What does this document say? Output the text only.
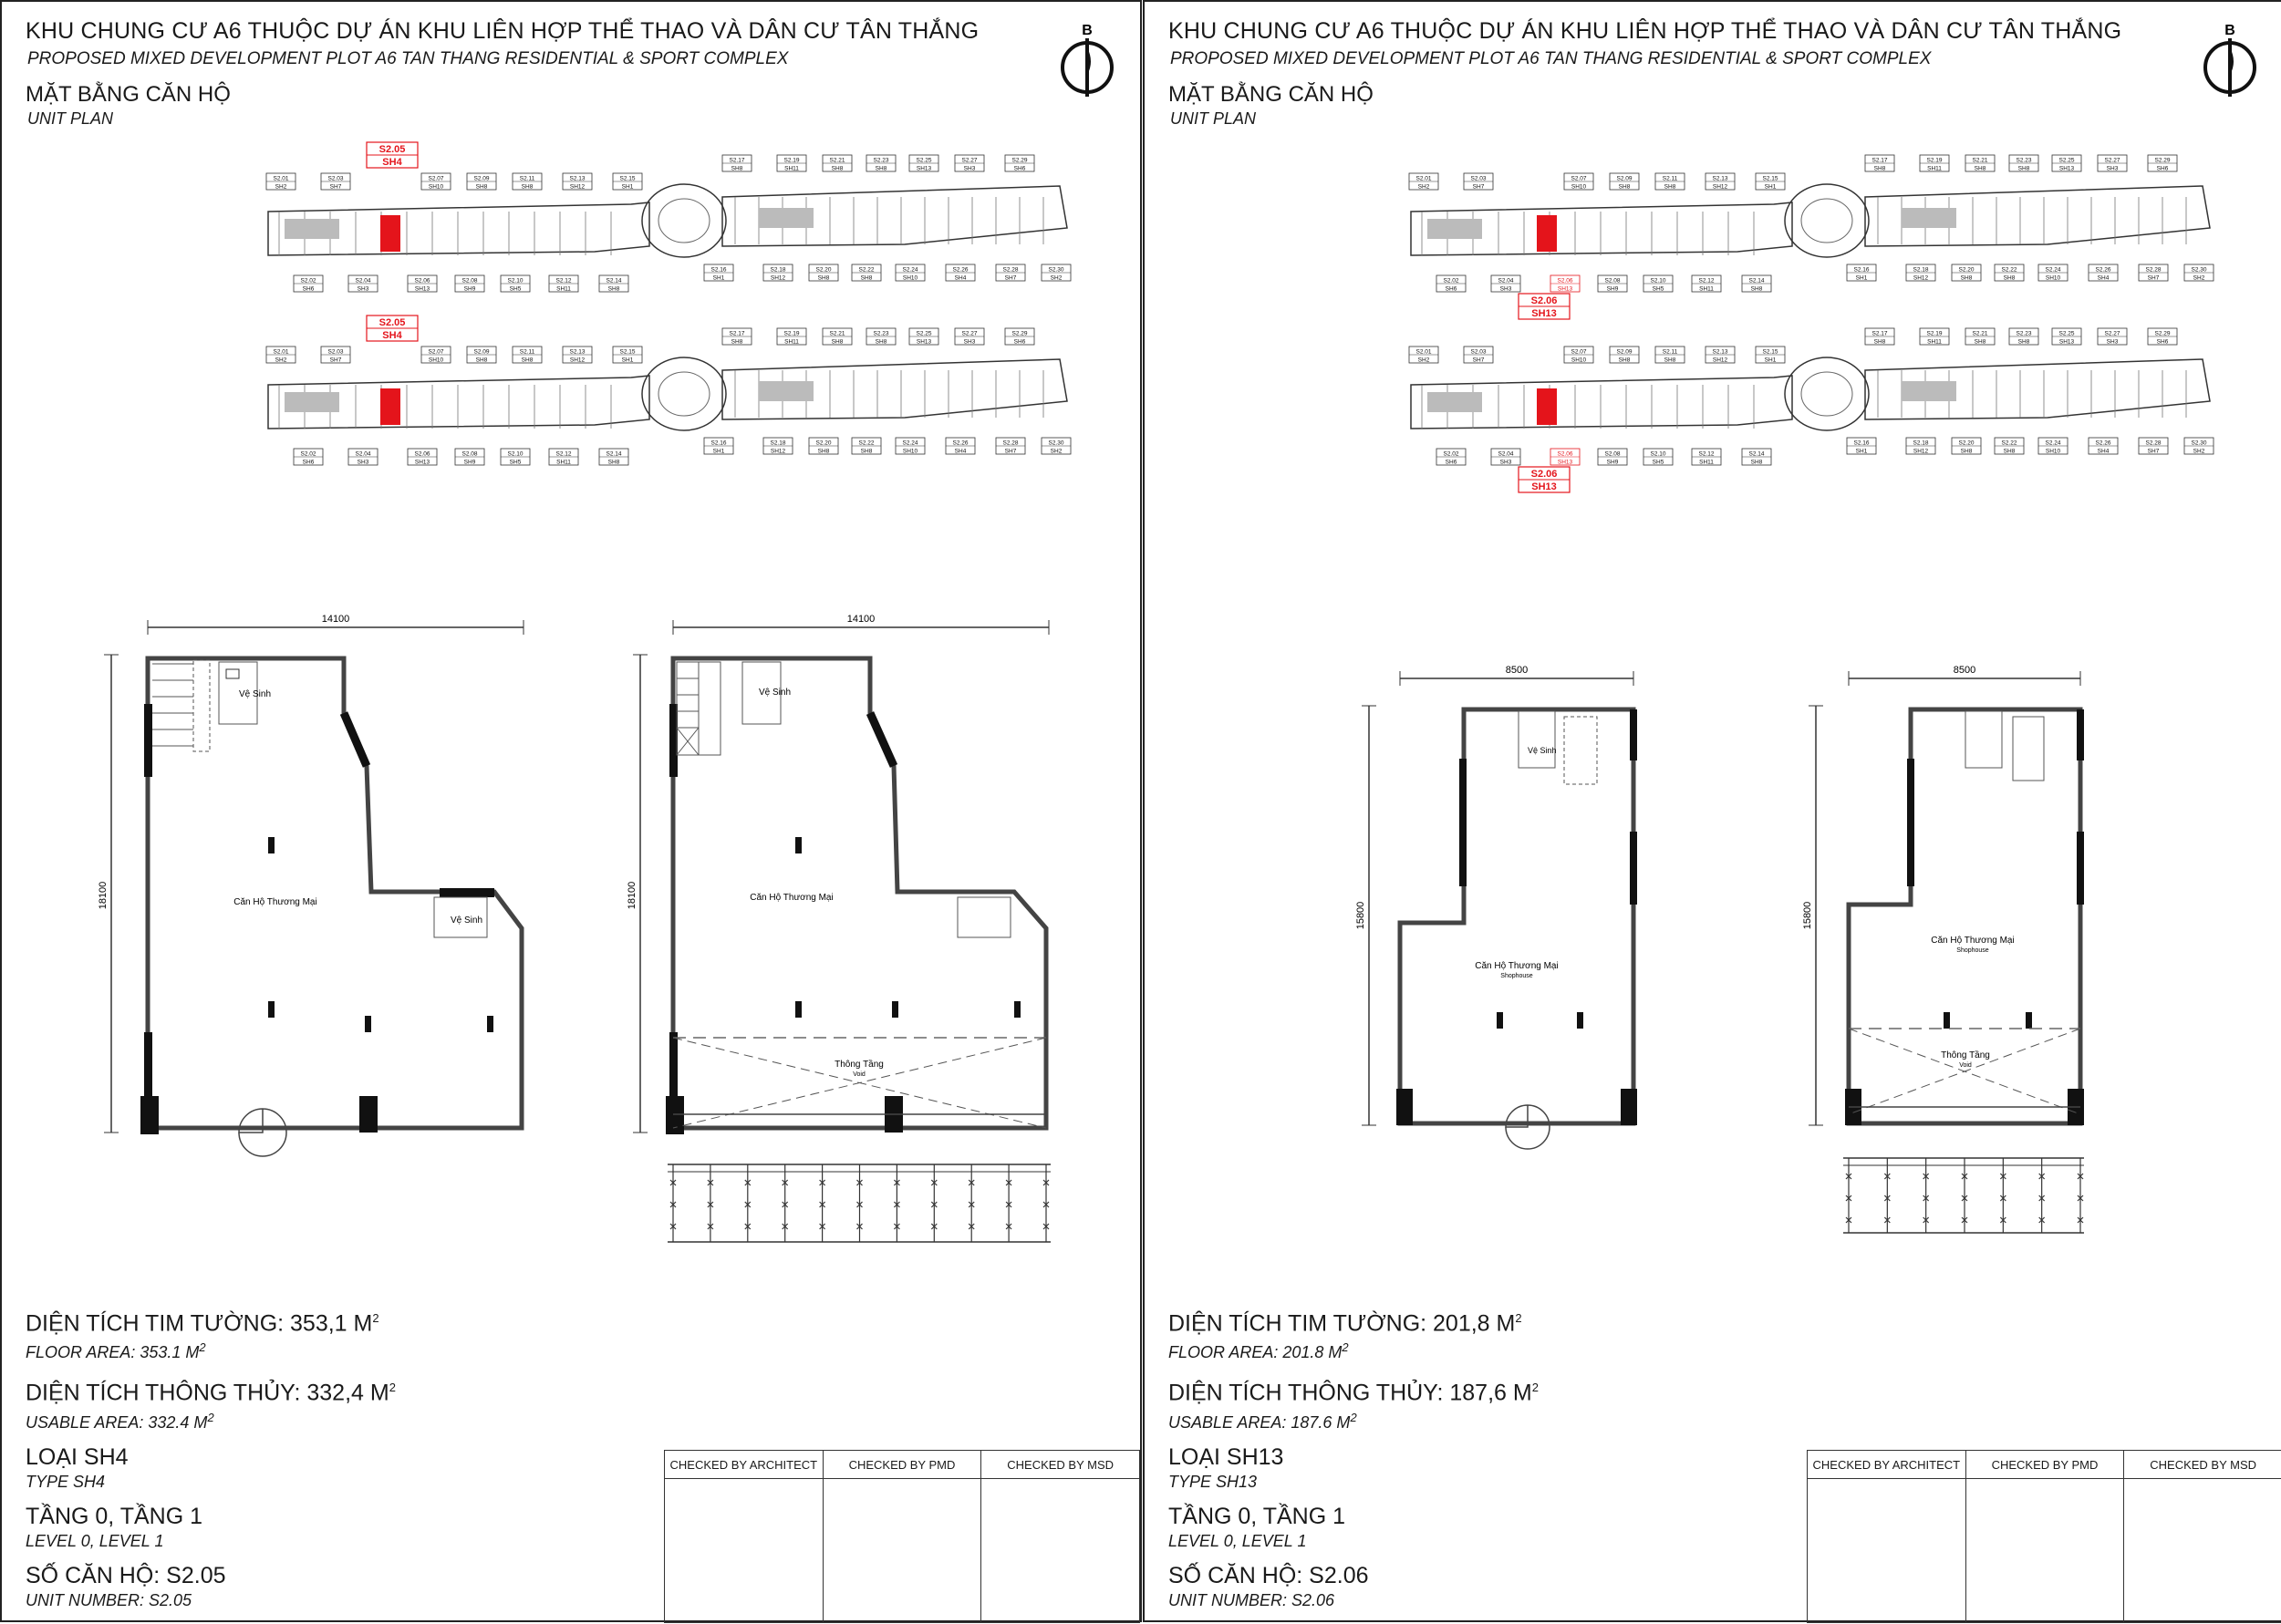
KHU CHUNG CƯ A6 THUỘC DỰ ÁN KHU LIÊN HỢP THỂ THAO VÀ DÂN CƯ TÂN THẮNG
PROPOSED MIXED DEVELOPMENT PLOT A6 TAN THANG RESIDENTIAL & SPORT COMPLEX
MẶT BẰNG CĂN HỘ
UNIT PLAN
B
S2.01
SH2
S2.03
SH7
S2.07
SH10
S2.09
SH8
S2.11
SH8
S2.13
SH12
S2.15
SH1
S2.02
SH6
S2.04
SH3
S2.06
SH13
S2.08
SH9
S2.10
SH5
S2.12
SH11
S2.14
SH8
S2.17
SH8
S2.19
SH11
S2.21
SH8
S2.23
SH8
S2.25
SH13
S2.27
SH3
S2.29
SH6
S2.16
SH1
S2.18
SH12
S2.20
SH8
S2.22
SH8
S2.24
SH10
S2.26
SH4
S2.28
SH7
S2.30
SH2
S2.05
SH4
S2.01
SH2
S2.03
SH7
S2.07
SH10
S2.09
SH8
S2.11
SH8
S2.13
SH12
S2.15
SH1
S2.02
SH6
S2.04
SH3
S2.06
SH13
S2.08
SH9
S2.10
SH5
S2.12
SH11
S2.14
SH8
S2.17
SH8
S2.19
SH11
S2.21
SH8
S2.23
SH8
S2.25
SH13
S2.27
SH3
S2.29
SH6
S2.16
SH1
S2.18
SH12
S2.20
SH8
S2.22
SH8
S2.24
SH10
S2.26
SH4
S2.28
SH7
S2.30
SH2
S2.05
SH4
14100
18100
Vệ Sinh
Vệ Sinh
Căn Hộ Thương Mại
14100
18100
Vệ Sinh
Căn Hộ Thương Mại
Thông Tầng
Void
DIỆN TÍCH TIM TƯỜNG: 353,1 $M^2$
FLOOR AREA: 353.1 $M^2$
DIỆN TÍCH THÔNG THỦY: 332,4 $M^2$
USABLE AREA: 332.4 $M^2$
LOẠI SH4
TYPE SH4
TẦNG 0, TẦNG 1
LEVEL 0, LEVEL 1
SỐ CĂN HỘ: S2.05
UNIT NUMBER: S2.05
CHECKED BY ARCHITECT	CHECKED BY PMD	CHECKED BY MSD

KHU CHUNG CƯ A6 THUỘC DỰ ÁN KHU LIÊN HỢP THỂ THAO VÀ DÂN CƯ TÂN THẮNG
PROPOSED MIXED DEVELOPMENT PLOT A6 TAN THANG RESIDENTIAL & SPORT COMPLEX
MẶT BẰNG CĂN HỘ
UNIT PLAN
B
S2.01
SH2
S2.03
SH7
S2.07
SH10
S2.09
SH8
S2.11
SH8
S2.13
SH12
S2.15
SH1
S2.02
SH6
S2.04
SH3
S2.06
SH13
S2.08
SH9
S2.10
SH5
S2.12
SH11
S2.14
SH8
S2.17
SH8
S2.19
SH11
S2.21
SH8
S2.23
SH8
S2.25
SH13
S2.27
SH3
S2.29
SH6
S2.16
SH1
S2.18
SH12
S2.20
SH8
S2.22
SH8
S2.24
SH10
S2.26
SH4
S2.28
SH7
S2.30
SH2
S2.06
SH13
S2.01
SH2
S2.03
SH7
S2.07
SH10
S2.09
SH8
S2.11
SH8
S2.13
SH12
S2.15
SH1
S2.02
SH6
S2.04
SH3
S2.06
SH13
S2.08
SH9
S2.10
SH5
S2.12
SH11
S2.14
SH8
S2.17
SH8
S2.19
SH11
S2.21
SH8
S2.23
SH8
S2.25
SH13
S2.27
SH3
S2.29
SH6
S2.16
SH1
S2.18
SH12
S2.20
SH8
S2.22
SH8
S2.24
SH10
S2.26
SH4
S2.28
SH7
S2.30
SH2
S2.06
SH13
8500
15800
Vệ Sinh
Căn Hộ Thương Mại
Shophouse
8500
15800
Căn Hộ Thương Mại
Shophouse
Thông Tầng
Void
DIỆN TÍCH TIM TƯỜNG: 201,8 $M^2$
FLOOR AREA: 201.8 $M^2$
DIỆN TÍCH THÔNG THỦY: 187,6 $M^2$
USABLE AREA: 187.6 $M^2$
LOẠI SH13
TYPE SH13
TẦNG 0, TẦNG 1
LEVEL 0, LEVEL 1
SỐ CĂN HỘ: S2.06
UNIT NUMBER: S2.06
CHECKED BY ARCHITECT	CHECKED BY PMD	CHECKED BY MSD
